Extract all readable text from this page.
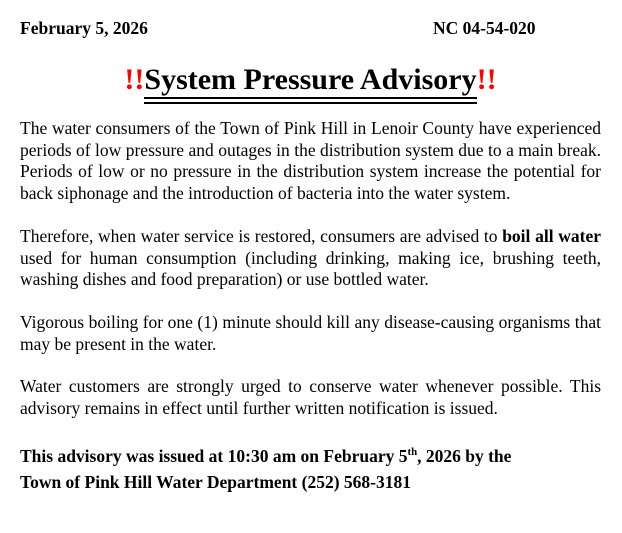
February 5, 2026	NC 04-54-020
!!System Pressure Advisory!!

The water consumers of the Town of Pink Hill in Lenoir County have experienced periods of low pressure and outages in the distribution system due to a main break. Periods of low or no pressure in the distribution system increase the potential for back siphonage and the introduction of bacteria into the water system.

Therefore, when water service is restored, consumers are advised to boil all water used for human consumption (including drinking, making ice, brushing teeth, washing dishes and food preparation) or use bottled water.

Vigorous boiling for one (1) minute should kill any disease-causing organisms that may be present in the water.

Water customers are strongly urged to conserve water whenever possible. This advisory remains in effect until further written notification is issued.

This advisory was issued at 10:30 am on February 5th, 2026 by the
Town of Pink Hill Water Department (252) 568‑3181
